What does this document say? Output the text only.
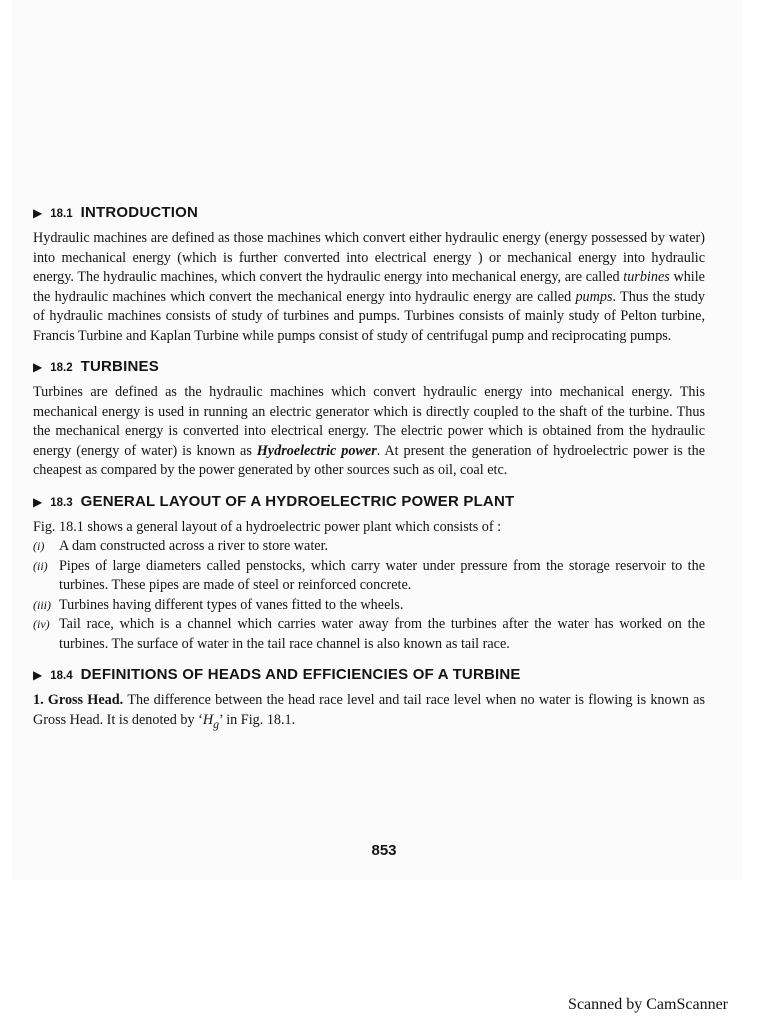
▶ 18.1 INTRODUCTION

Hydraulic machines are defined as those machines which convert either hydraulic energy (energy possessed by water) into mechanical energy (which is further converted into electrical energy ) or mechanical energy into hydraulic energy. The hydraulic machines, which convert the hydraulic energy into mechanical energy, are called turbines while the hydraulic machines which convert the mechanical energy into hydraulic energy are called pumps. Thus the study of hydraulic machines consists of study of turbines and pumps. Turbines consists of mainly study of Pelton turbine, Francis Turbine and Kaplan Turbine while pumps consist of study of centrifugal pump and reciprocating pumps.

▶ 18.2 TURBINES

Turbines are defined as the hydraulic machines which convert hydraulic energy into mechanical energy. This mechanical energy is used in running an electric generator which is directly coupled to the shaft of the turbine. Thus the mechanical energy is converted into electrical energy. The electric power which is obtained from the hydraulic energy (energy of water) is known as Hydroelectric power. At present the generation of hydroelectric power is the cheapest as compared by the power generated by other sources such as oil, coal etc.

▶ 18.3 GENERAL LAYOUT OF A HYDROELECTRIC POWER PLANT

Fig. 18.1 shows a general layout of a hydroelectric power plant which consists of :

(i)	A dam constructed across a river to store water.
(ii) Pipes of large diameters called penstocks, which carry water under pressure from the storage reservoir to the turbines. These pipes are made of steel or reinforced concrete.
(iii) Turbines having different types of vanes fitted to the wheels.
(iv) Tail race, which is a channel which carries water away from the turbines after the water has worked on the turbines. The surface of water in the tail race channel is also known as tail race.
▶ 18.4 DEFINITIONS OF HEADS AND EFFICIENCIES OF A TURBINE

1. Gross Head. The difference between the head race level and tail race level when no water is flowing is known as Gross Head. It is denoted by ‘$H_g$’ in Fig. 18.1.

853
Scanned by CamScanner
